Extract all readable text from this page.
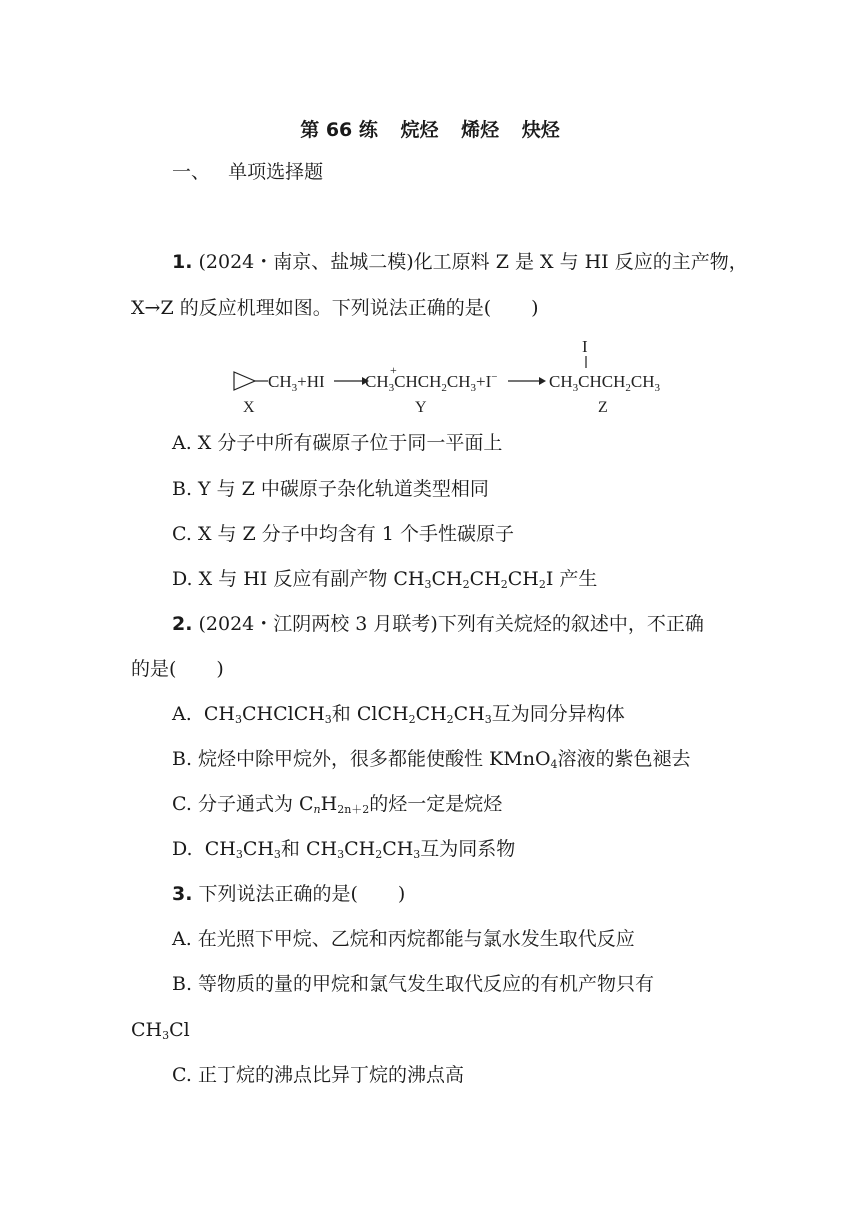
第 66 练 烷烃 烯烃 炔烃
一、 单项选择题
1. (2024・南京、盐城二模)化工原料 Z 是 X 与 HI 反应的主产物，
X→Z 的反应机理如图。下列说法正确的是( )
$CH_3+HI$
X
+
$CH_3CHCH_2CH_3+I^-$
Y
I
$CH_3CHCH_2CH_3$
Z
A. X 分子中所有碳原子位于同一平面上
B. Y 与 Z 中碳原子杂化轨道类型相同
C. X 与 Z 分子中均含有 1 个手性碳原子
D. X 与 HI 反应有副产物 $CH_3CH_2CH_2CH_2I$ 产生
2. (2024・江阴两校 3 月联考)下列有关烷烃的叙述中，不正确
的是( )
A. $CH_3CHClCH_3$和 $ClCH_2CH_2CH_3$互为同分异构体
B. 烷烃中除甲烷外，很多都能使酸性 KMnO$_4$溶液的紫色褪去
C. 分子通式为 $C_nH_{2n+2}$的烃一定是烷烃
D. $CH_3CH_3$和 $CH_3CH_2CH_3$互为同系物
3. 下列说法正确的是( )
A. 在光照下甲烷、乙烷和丙烷都能与氯水发生取代反应
B. 等物质的量的甲烷和氯气发生取代反应的有机产物只有
$CH_3Cl$
C. 正丁烷的沸点比异丁烷的沸点高
